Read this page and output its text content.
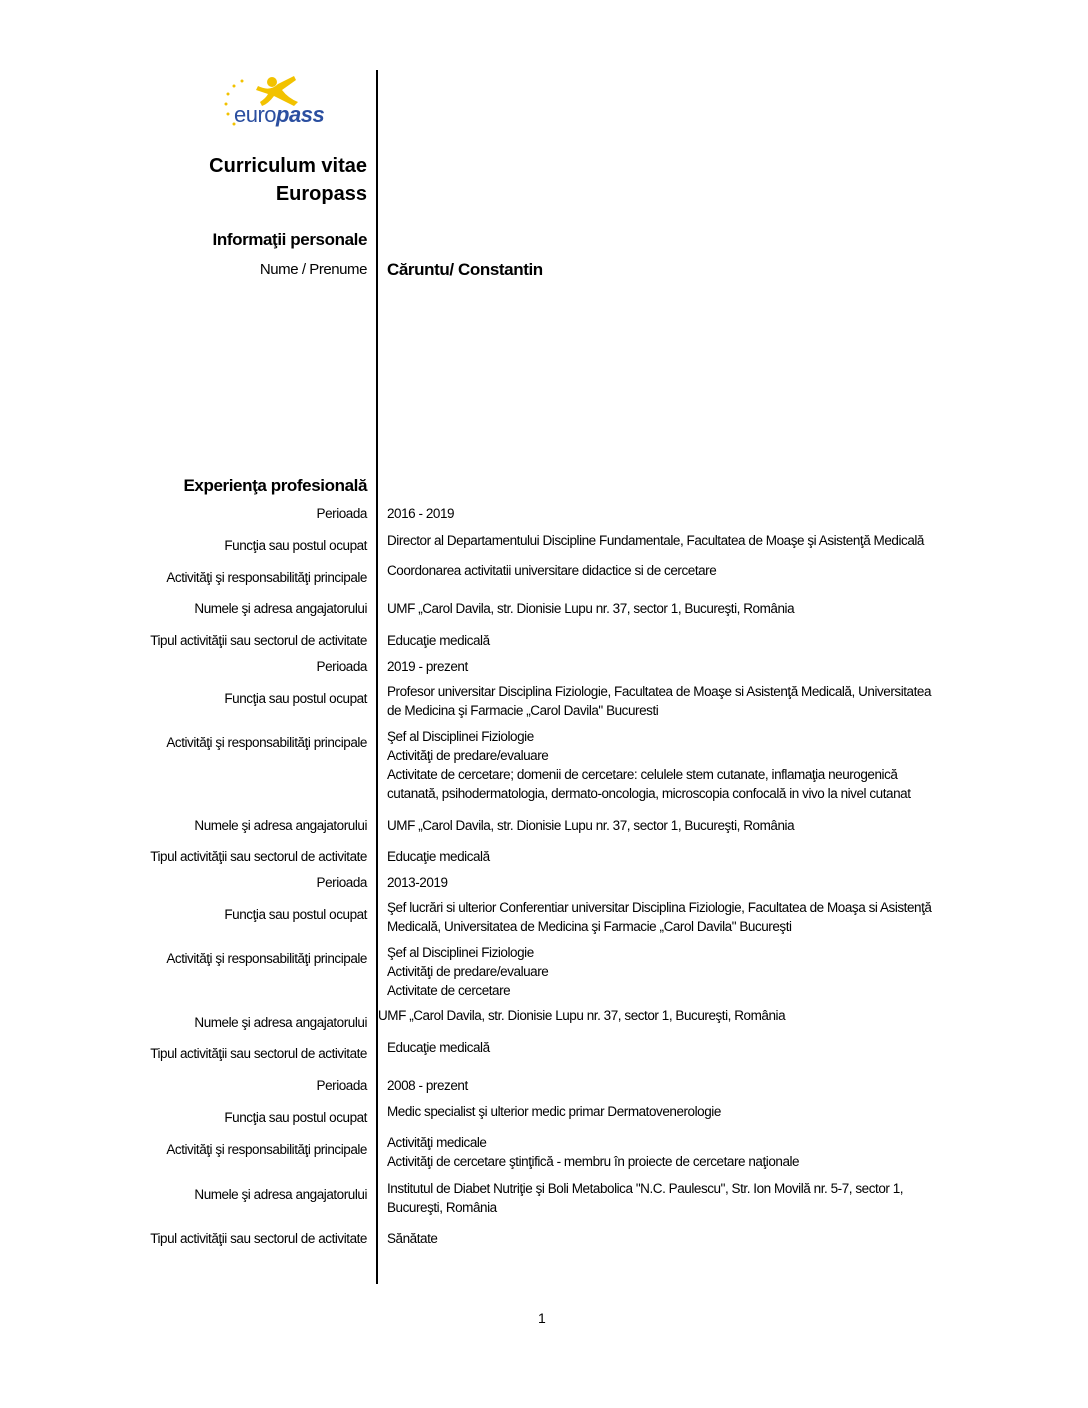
europass
Curriculum vitae
Europass
Informaţii personale
Nume / Prenume Căruntu/ Constantin
Experienţa profesională
Perioada 2016 - 2019
Funcţia sau postul ocupat Director al Departamentului Discipline Fundamentale, Facultatea de Moaşe şi Asistenţă Medicală
Activităţi şi responsabilităţi principale Coordonarea activitatii universitare didactice si de cercetare
Numele şi adresa angajatorului UMF „Carol Davila, str. Dionisie Lupu nr. 37, sector 1, Bucureşti, România
Tipul activităţii sau sectorul de activitate Educaţie medicală
Perioada 2019 - prezent
Funcţia sau postul ocupat Profesor universitar Disciplina Fiziologie, Facultatea de Moaşe si Asistenţă Medicală, Universitatea
de Medicina şi Farmacie „Carol Davila" Bucuresti
Activităţi şi responsabilităţi principale Şef al Disciplinei Fiziologie
Activităţi de predare/evaluare
Activitate de cercetare; domenii de cercetare: celulele stem cutanate, inflamaţia neurogenică
cutanată, psihodermatologia, dermato-oncologia, microscopia confocală in vivo la nivel cutanat
Numele şi adresa angajatorului UMF „Carol Davila, str. Dionisie Lupu nr. 37, sector 1, Bucureşti, România
Tipul activităţii sau sectorul de activitate Educaţie medicală
Perioada 2013-2019
Funcţia sau postul ocupat Şef lucrări si ulterior Conferentiar universitar Disciplina Fiziologie, Facultatea de Moaşa si Asistenţă
Medicală, Universitatea de Medicina şi Farmacie „Carol Davila" Bucureşti
Activităţi şi responsabilităţi principale Şef al Disciplinei Fiziologie
Activităţi de predare/evaluare
Activitate de cercetare
Numele şi adresa angajatorului UMF „Carol Davila, str. Dionisie Lupu nr. 37, sector 1, Bucureşti, România
Tipul activităţii sau sectorul de activitate Educaţie medicală
Perioada 2008 - prezent
Funcţia sau postul ocupat Medic specialist şi ulterior medic primar Dermatovenerologie
Activităţi şi responsabilităţi principale Activităţi medicale
Activităţi de cercetare ştinţifică - membru în proiecte de cercetare naţionale
Numele şi adresa angajatorului Institutul de Diabet Nutriţie şi Boli Metabolica "N.C. Paulescu", Str. Ion Movilă nr. 5-7, sector 1,
Bucureşti, România
Tipul activităţii sau sectorul de activitate Sănătate
1
